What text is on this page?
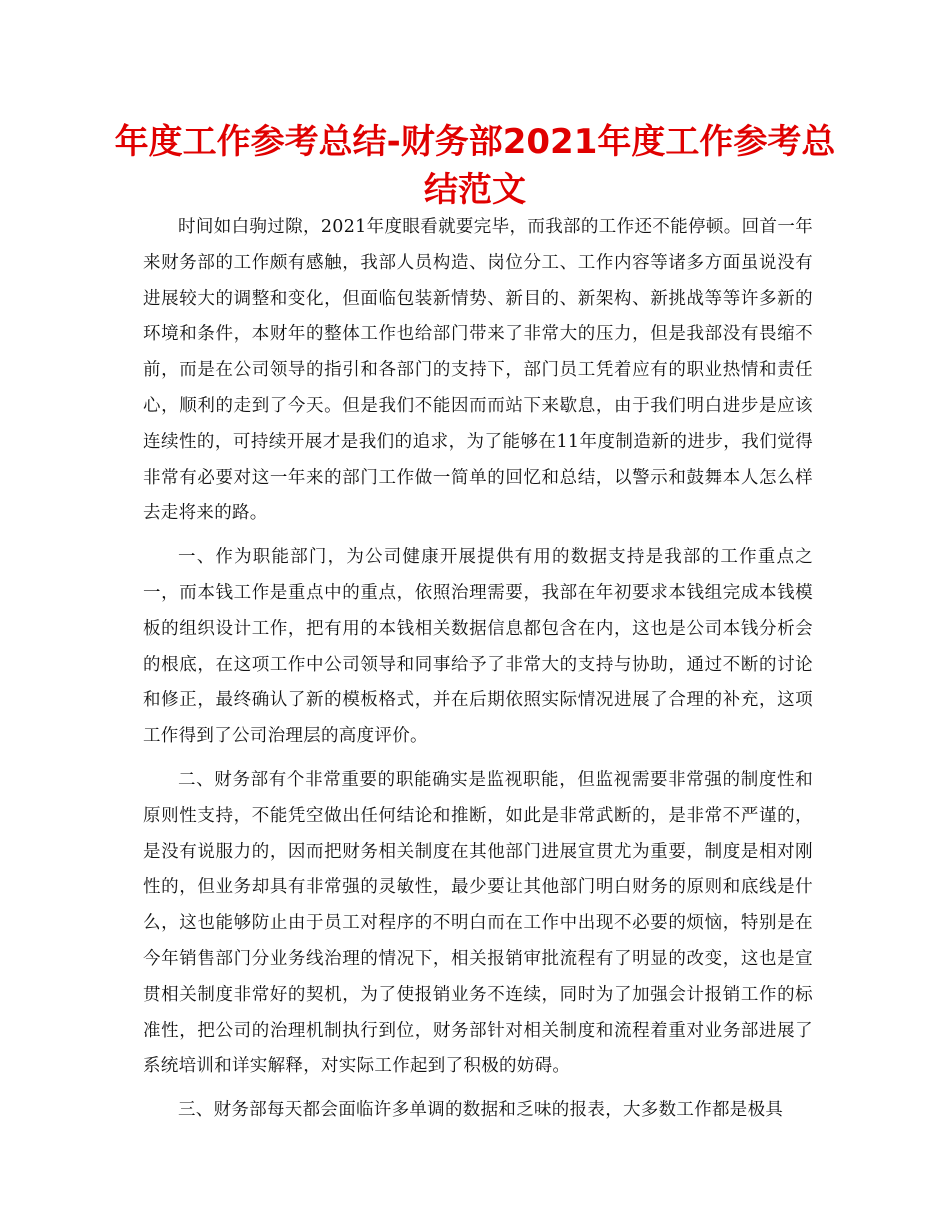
年度工作参考总结-财务部2021年度工作参考总结范文

时间如白驹过隙，2021年度眼看就要完毕，而我部的工作还不能停顿。回首一年来财务部的工作颇有感触，我部人员构造、岗位分工、工作内容等诸多方面虽说没有进展较大的调整和变化，但面临包装新情势、新目的、新架构、新挑战等等许多新的环境和条件，本财年的整体工作也给部门带来了非常大的压力，但是我部没有畏缩不前，而是在公司领导的指引和各部门的支持下，部门员工凭着应有的职业热情和责任心，顺利的走到了今天。但是我们不能因而而站下来歇息，由于我们明白进步是应该连续性的，可持续开展才是我们的追求，为了能够在11年度制造新的进步，我们觉得非常有必要对这一年来的部门工作做一简单的回忆和总结，以警示和鼓舞本人怎么样去走将来的路。

一、作为职能部门，为公司健康开展提供有用的数据支持是我部的工作重点之一，而本钱工作是重点中的重点，依照治理需要，我部在年初要求本钱组完成本钱模板的组织设计工作，把有用的本钱相关数据信息都包含在内，这也是公司本钱分析会的根底，在这项工作中公司领导和同事给予了非常大的支持与协助，通过不断的讨论和修正，最终确认了新的模板格式，并在后期依照实际情况进展了合理的补充，这项工作得到了公司治理层的高度评价。

二、财务部有个非常重要的职能确实是监视职能，但监视需要非常强的制度性和原则性支持，不能凭空做出任何结论和推断，如此是非常武断的，是非常不严谨的，是没有说服力的，因而把财务相关制度在其他部门进展宣贯尤为重要，制度是相对刚性的，但业务却具有非常强的灵敏性，最少要让其他部门明白财务的原则和底线是什么，这也能够防止由于员工对程序的不明白而在工作中出现不必要的烦恼，特别是在今年销售部门分业务线治理的情况下，相关报销审批流程有了明显的改变，这也是宣贯相关制度非常好的契机，为了使报销业务不连续，同时为了加强会计报销工作的标准性，把公司的治理机制执行到位，财务部针对相关制度和流程着重对业务部进展了系统培训和详实解释，对实际工作起到了积极的妨碍。

三、财务部每天都会面临许多单调的数据和乏味的报表，大多数工作都是极具
